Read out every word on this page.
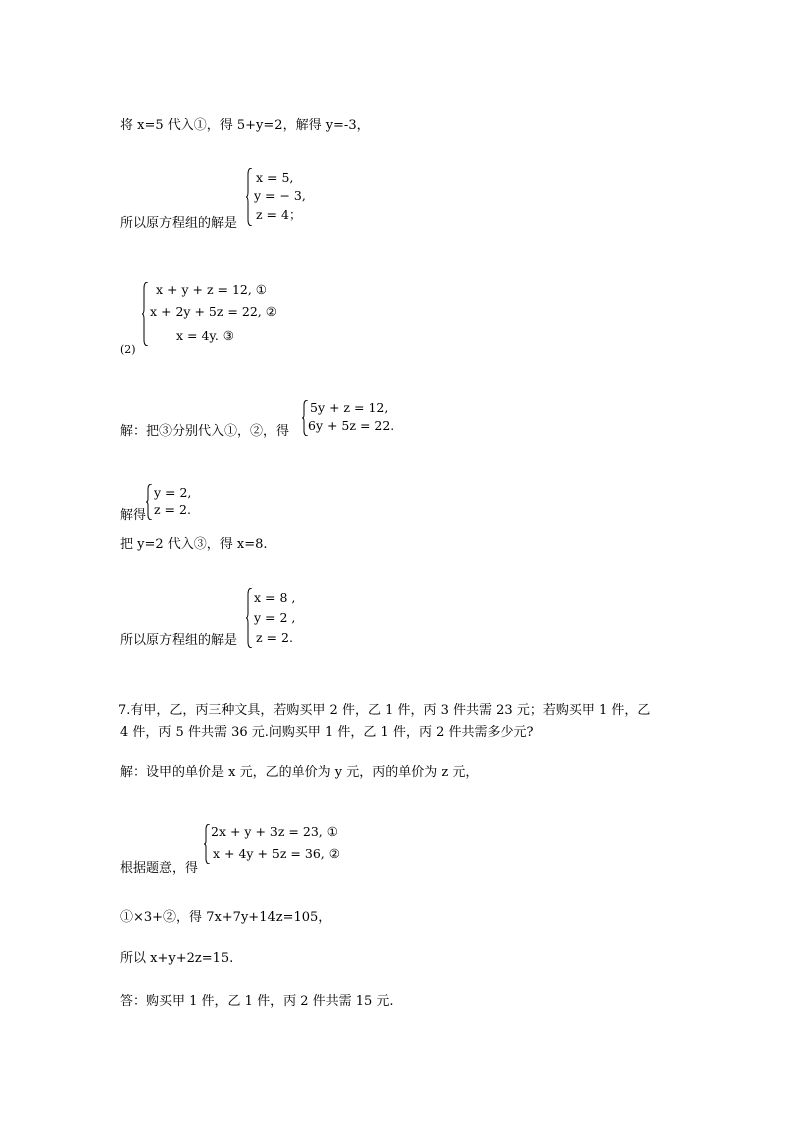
将 x=5 代入①，得 5+y=2，解得 y=-3，
x = 5,
y = − 3,
z = 4；
所以原方程组的解是
x + y + z = 12, ①
x + 2y + 5z = 22, ②
x = 4y. ③
(2)
5y + z = 12,
6y + 5z = 22.
解：把③分别代入①，②，得
y = 2,
z = 2.
解得
把 y=2 代入③，得 x=8.
x = 8 ,
y = 2 ,
z = 2.
所以原方程组的解是
7.有甲，乙，丙三种文具，若购买甲 2 件，乙 1 件，丙 3 件共需 23 元；若购买甲 1 件，乙
4 件，丙 5 件共需 36 元.问购买甲 1 件，乙 1 件，丙 2 件共需多少元?
解：设甲的单价是 x 元，乙的单价为 y 元，丙的单价为 z 元，
2x + y + 3z = 23, ①
x + 4y + 5z = 36, ②
根据题意，得
①×3+②，得 7x+7y+14z=105，
所以 x+y+2z=15.
答：购买甲 1 件，乙 1 件，丙 2 件共需 15 元.
